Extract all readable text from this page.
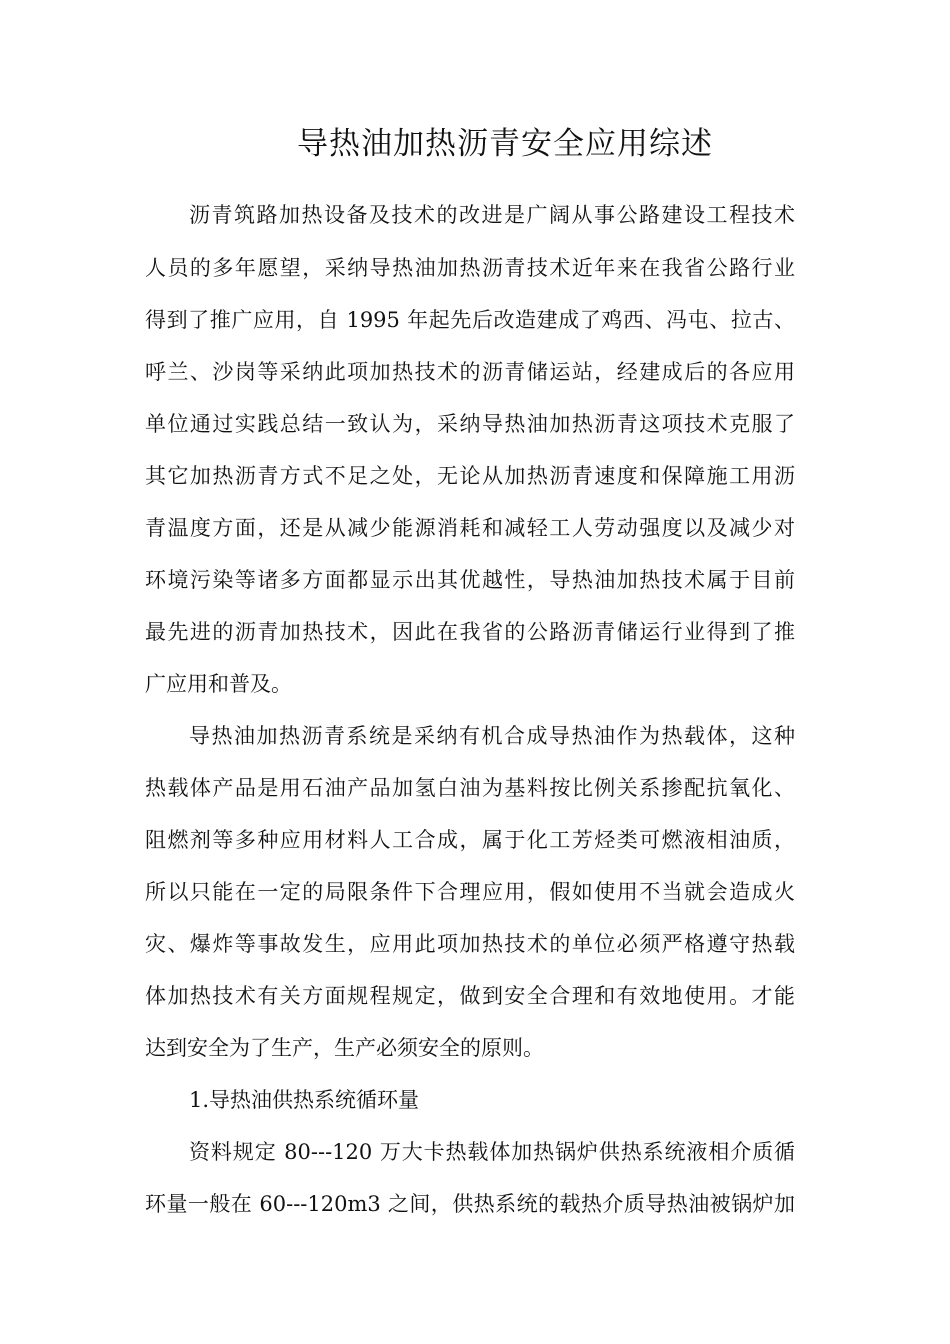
导热油加热沥青安全应用综述
沥青筑路加热设备及技术的改进是广阔从事公路建设工程技术
人员的多年愿望，采纳导热油加热沥青技术近年来在我省公路行业
得到了推广应用，自 1995 年起先后改造建成了鸡西、冯屯、拉古、
呼兰、沙岗等采纳此项加热技术的沥青储运站，经建成后的各应用
单位通过实践总结一致认为，采纳导热油加热沥青这项技术克服了
其它加热沥青方式不足之处，无论从加热沥青速度和保障施工用沥
青温度方面，还是从减少能源消耗和减轻工人劳动强度以及减少对
环境污染等诸多方面都显示出其优越性，导热油加热技术属于目前
最先进的沥青加热技术，因此在我省的公路沥青储运行业得到了推
广应用和普及。
导热油加热沥青系统是采纳有机合成导热油作为热载体，这种
热载体产品是用石油产品加氢白油为基料按比例关系掺配抗氧化、
阻燃剂等多种应用材料人工合成，属于化工芳烃类可燃液相油质，
所以只能在一定的局限条件下合理应用，假如使用不当就会造成火
灾、爆炸等事故发生，应用此项加热技术的单位必须严格遵守热载
体加热技术有关方面规程规定，做到安全合理和有效地使用。才能
达到安全为了生产，生产必须安全的原则。
1.导热油供热系统循环量
资料规定 80---120 万大卡热载体加热锅炉供热系统液相介质循
环量一般在 60---120m3 之间，供热系统的载热介质导热油被锅炉加
